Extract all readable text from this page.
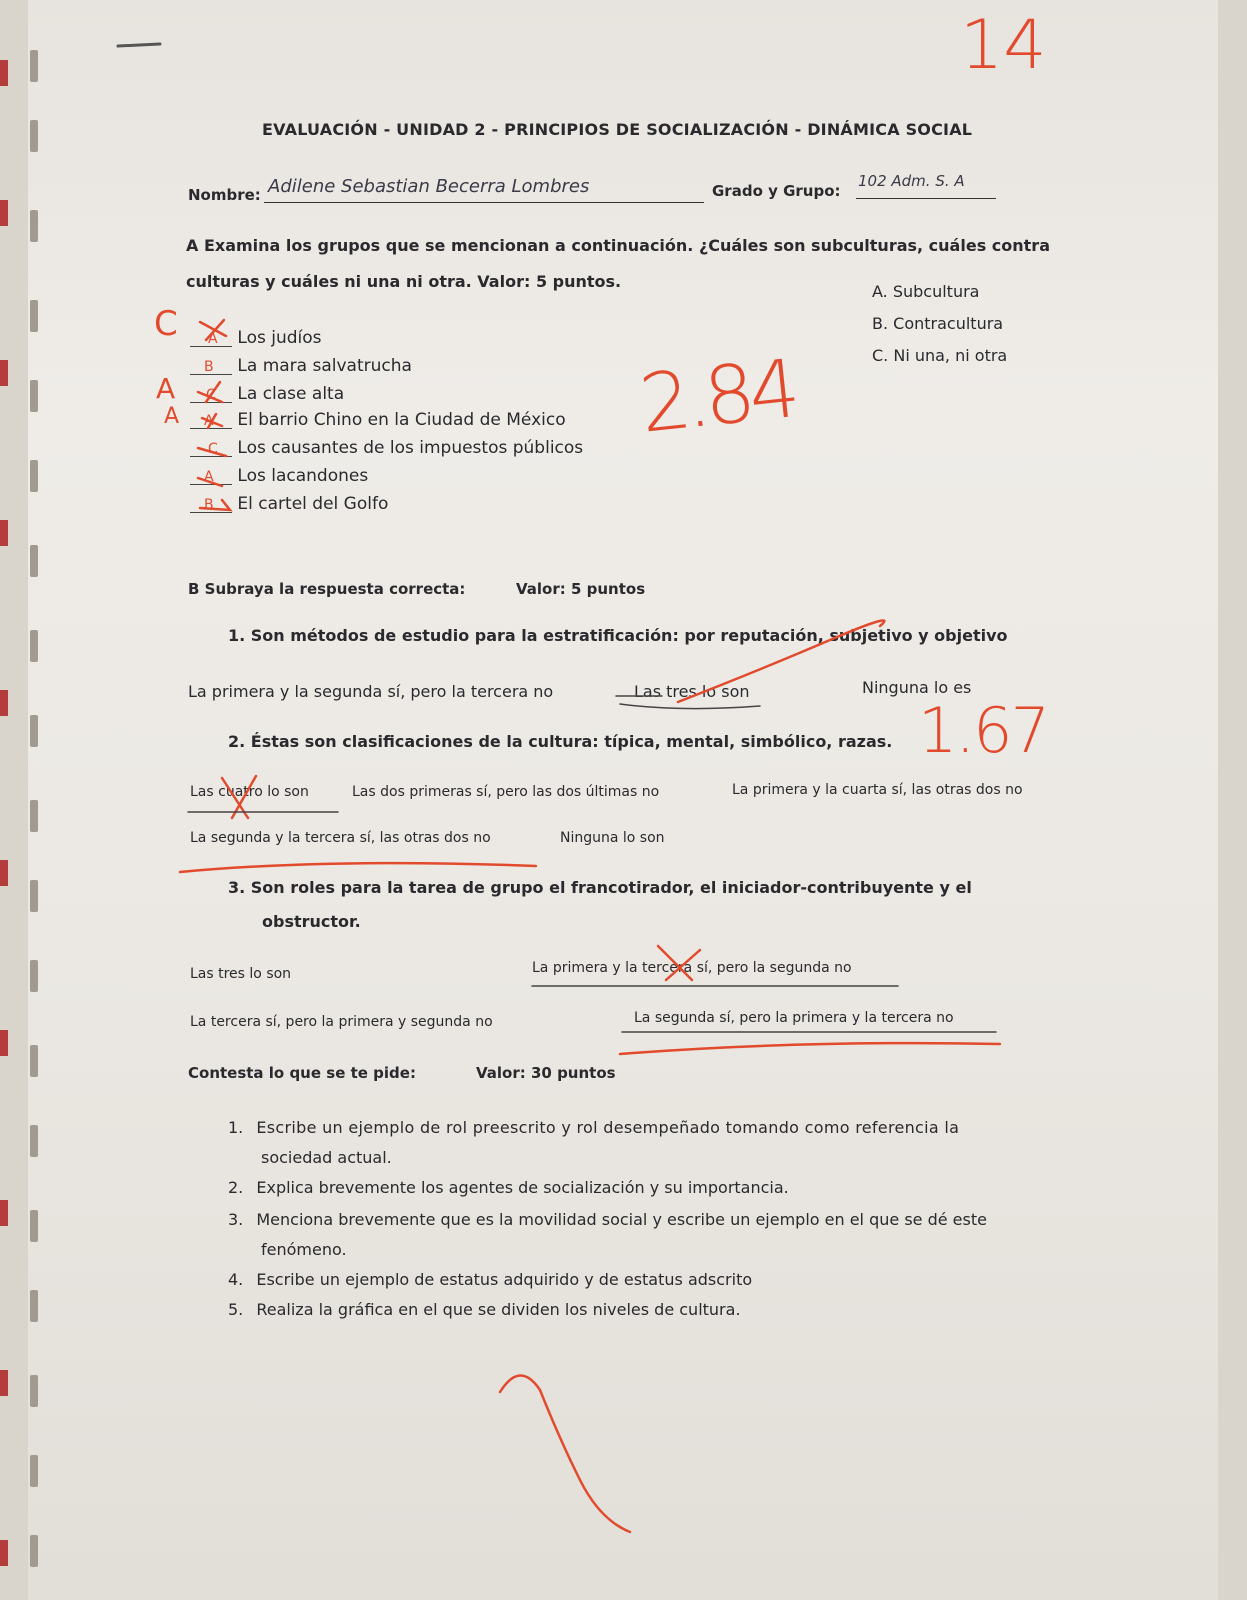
14
EVALUACIÓN - UNIDAD 2 - PRINCIPIOS DE SOCIALIZACIÓN - DINÁMICA SOCIAL
Nombre: Adilene Sebastian Becerra Lombres	Grado y Grupo:
102 Adm. S. A
A Examina los grupos que se mencionan a continuación. ¿Cuáles son subculturas, cuáles contra
culturas y cuáles ni una ni otra. Valor: 5 puntos.
A. Subcultura
B. Contracultura
C. Ni una, ni otra
A Los judíos
B La mara salvatrucha
C La clase alta
A El barrio Chino en la Ciudad de México
C Los causantes de los impuestos públicos
A Los lacandones
B El cartel del Golfo
C
A
A	2.84
B Subraya la respuesta correcta:	Valor: 5 puntos
1. Son métodos de estudio para la estratificación: por reputación, subjetivo y objetivo
La primera y la segunda sí, pero la tercera no	Las tres lo son	Ninguna lo es
2. Éstas son clasificaciones de la cultura: típica, mental, simbólico, razas. 1.67
Las cuatro lo son	Las dos primeras sí, pero las dos últimas no	La primera y la cuarta sí, las otras dos no
La segunda y la tercera sí, las otras dos no	Ninguna lo son
3. Son roles para la tarea de grupo el francotirador, el iniciador-contribuyente y el
obstructor.
Las tres lo son	La primera y la tercera sí, pero la segunda no
La tercera sí, pero la primera y segunda no	La segunda sí, pero la primera y la tercera no
Contesta lo que se te pide:	Valor: 30 puntos
1. Escribe un ejemplo de rol preescrito y rol desempeñado tomando como referencia la
sociedad actual.
2. Explica brevemente los agentes de socialización y su importancia.
3. Menciona brevemente que es la movilidad social y escribe un ejemplo en el que se dé este
fenómeno.
4. Escribe un ejemplo de estatus adquirido y de estatus adscrito
5. Realiza la gráfica en el que se dividen los niveles de cultura.
